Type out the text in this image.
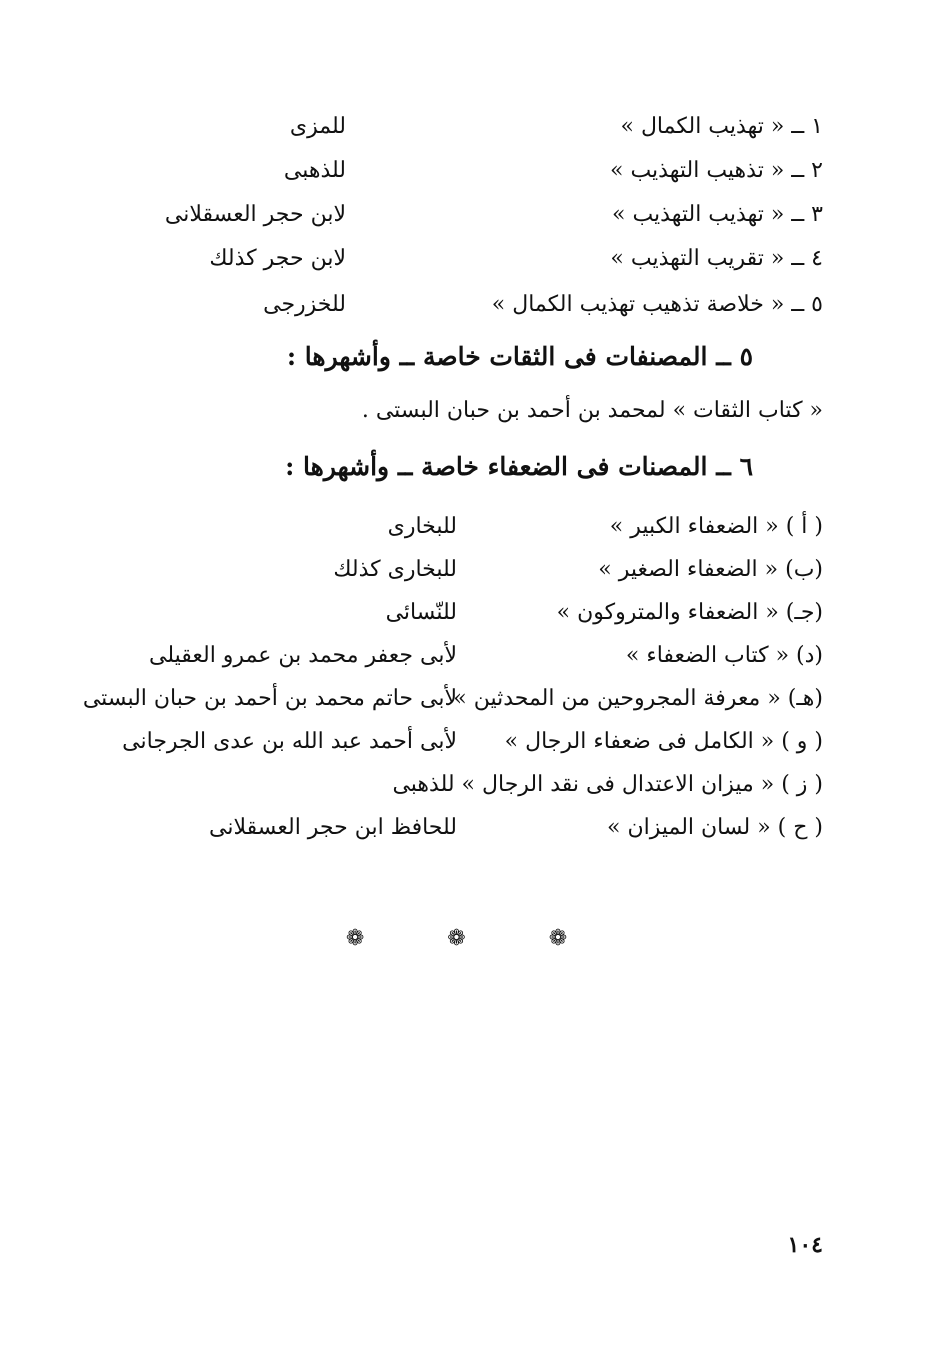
١ ــ « تهذيب الكمال »
للمزى
٢ ــ « تذهيب التهذيب »
للذهبى
٣ ــ « تهذيب التهذيب »
لابن حجر العسقلانى
٤ ــ « تقريب التهذيب »
لابن حجر كذلك
٥ ــ « خلاصة تذهيب تهذيب الكمال »
للخزرجى
٥ ــ المصنفات فى الثقات خاصة ــ وأشهرها :
« كتاب الثقات » لمحمد بن أحمد بن حبان البستى .
٦ ــ المصنات فى الضعفاء خاصة ــ وأشهرها :
( أ ) « الضعفاء الكبير »
للبخارى
(ب) « الضعفاء الصغير »
للبخارى كذلك
(جـ) « الضعفاء والمتروكون »
للنّسائى
(د) « كتاب الضعفاء »
لأبى جعفر محمد بن عمرو العقيلى
(هـ) « معرفة المجروحين من المحدثين »
لأبى حاتم محمد بن أحمد بن حبان البستى
( و ) « الكامل فى ضعفاء الرجال »
لأبى أحمد عبد الله بن عدى الجرجانى
( ز ) « ميزان الاعتدال فى نقد الرجال » للذهبى
( ح ) « لسان الميزان »
للحافظ ابن حجر العسقلانى
❁ ❁ ❁
١٠٤
